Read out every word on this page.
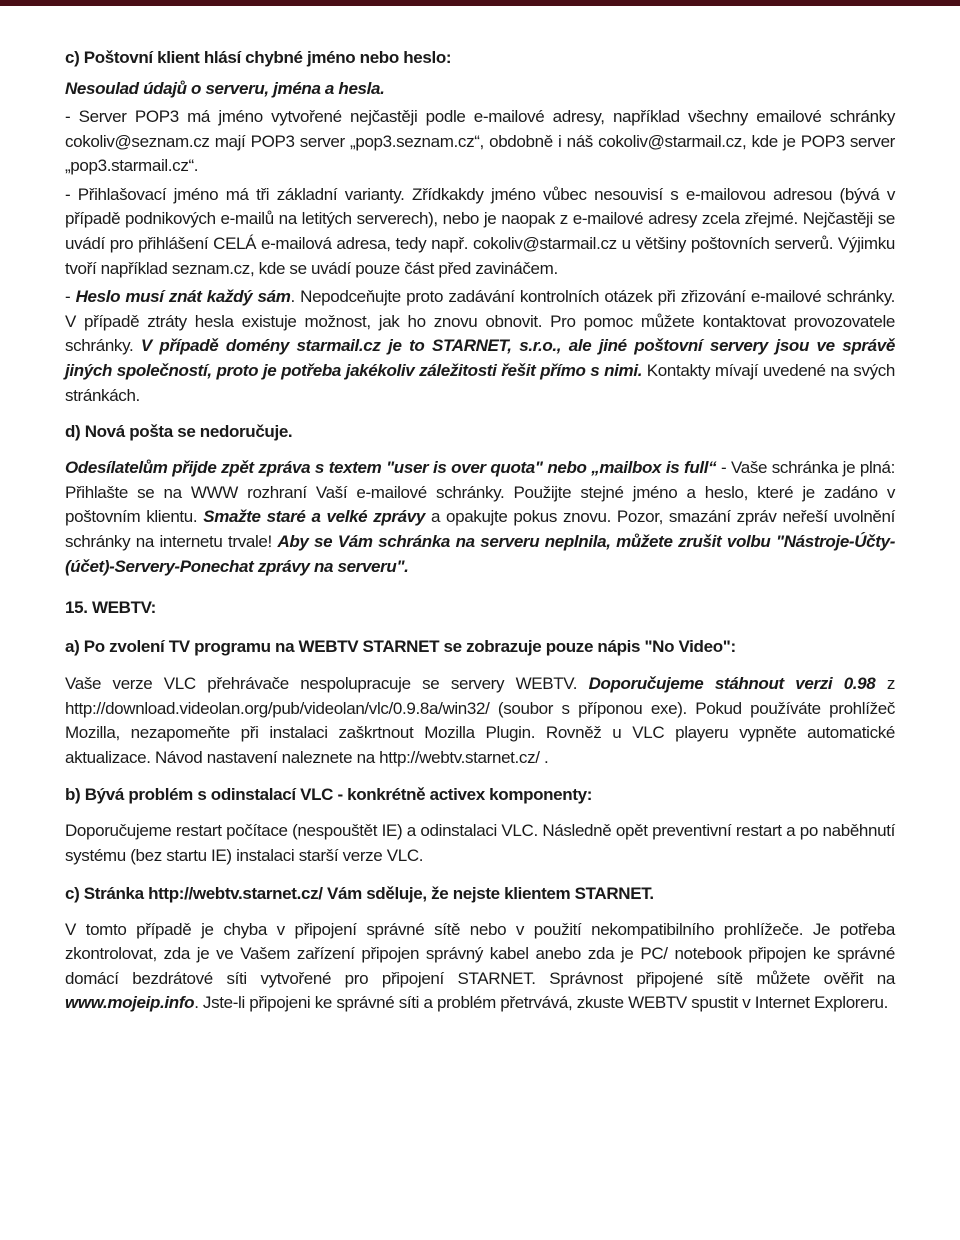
c) Poštovní klient hlásí chybné jméno nebo heslo:

Nesoulad údajů o serveru, jména a hesla.

- Server POP3 má jméno vytvořené nejčastěji podle e-mailové adresy, například všechny emailové schránky cokoliv@seznam.cz mají POP3 server „pop3.seznam.cz“, obdobně i náš cokoliv@starmail.cz, kde je POP3 server „pop3.starmail.cz“.

- Přihlašovací jméno má tři základní varianty. Zřídkakdy jméno vůbec nesouvisí s e-mailovou adresou (bývá v případě podnikových e-mailů na letitých serverech), nebo je naopak z e-mailové adresy zcela zřejmé. Nejčastěji se uvádí pro přihlášení CELÁ e-mailová adresa, tedy např. cokoliv@starmail.cz u většiny poštovních serverů. Výjimku tvoří například seznam.cz, kde se uvádí pouze část před zavináčem.

- Heslo musí znát každý sám. Nepodceňujte proto zadávání kontrolních otázek při zřizování e-mailové schránky. V případě ztráty hesla existuje možnost, jak ho znovu obnovit. Pro pomoc můžete kontaktovat provozovatele schránky. V případě domény starmail.cz je to STARNET, s.r.o., ale jiné poštovní servery jsou ve správě jiných společností, proto je potřeba jakékoliv záležitosti řešit přímo s nimi. Kontakty mívají uvedené na svých stránkách.

d) Nová pošta se nedoručuje.

Odesílatelům přijde zpět zpráva s textem "user is over quota" nebo „mailbox is full“ - Vaše schránka je plná: Přihlašte se na WWW rozhraní Vaší e-mailové schránky. Použijte stejné jméno a heslo, které je zadáno v poštovním klientu. Smažte staré a velké zprávy a opakujte pokus znovu. Pozor, smazání zpráv neřeší uvolnění schránky na internetu trvale! Aby se Vám schránka na serveru neplnila, můžete zrušit volbu "Nástroje-Účty-(účet)-Servery-Ponechat zprávy na serveru".

15. WEBTV:

a) Po zvolení TV programu na WEBTV STARNET se zobrazuje pouze nápis "No Video":

Vaše verze VLC přehrávače nespolupracuje se servery WEBTV. Doporučujeme stáhnout verzi 0.98 z http://download.videolan.org/pub/videolan/vlc/0.9.8a/win32/ (soubor s příponou exe). Pokud používáte prohlížeč Mozilla, nezapomeňte při instalaci zaškrtnout Mozilla Plugin. Rovněž u VLC playeru vypněte automatické aktualizace. Návod nastavení naleznete na http://webtv.starnet.cz/ .

b) Bývá problém s odinstalací VLC - konkrétně activex komponenty:

Doporučujeme restart počítace (nespouštět IE) a odinstalaci VLC. Následně opět preventivní restart a po naběhnutí systému (bez startu IE) instalaci starší verze VLC.

c) Stránka http://webtv.starnet.cz/ Vám sděluje, že nejste klientem STARNET.

V tomto případě je chyba v připojení správné sítě nebo v použití nekompatibilního prohlížeče. Je potřeba zkontrolovat, zda je ve Vašem zařízení připojen správný kabel anebo zda je PC/ notebook připojen ke správné domácí bezdrátové síti vytvořené pro připojení STARNET. Správnost připojené sítě můžete ověřit na www.mojeip.info. Jste-li připojeni ke správné síti a problém přetrvává, zkuste WEBTV spustit v Internet Exploreru.
